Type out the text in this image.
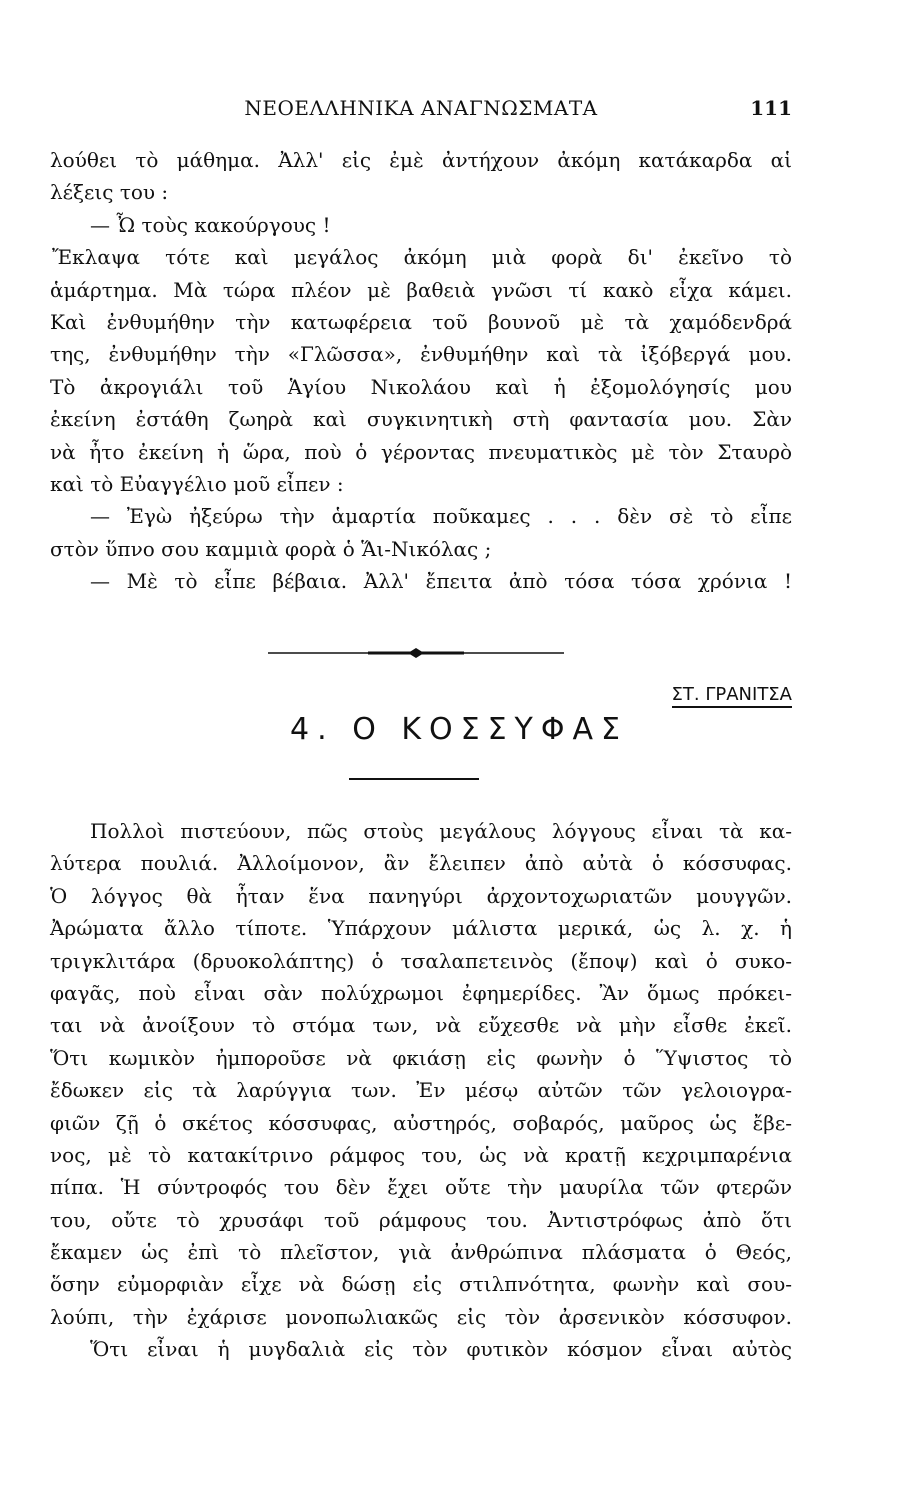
ΝΕΟΕΛΛΗΝΙΚΑ ΑΝΑΓΝΩΣΜΑΤΑ	111
λούθει τὸ μάθημα. Ἀλλ' εἰς ἐμὲ ἀντήχουν ἀκόμη κατάκαρδα αἱ
λέξεις του :
— Ὦ τοὺς κακούργους !
Ἔκλαψα τότε καὶ μεγάλος ἀκόμη μιὰ φορὰ δι' ἐκεῖνο τὸ
ἁμάρτημα. Μὰ τώρα πλέον μὲ βαθειὰ γνῶσι τί κακὸ εἶχα κάμει.
Καὶ ἐνθυμήθην τὴν κατωφέρεια τοῦ βουνοῦ μὲ τὰ χαμόδενδρά
της, ἐνθυμήθην τὴν «Γλῶσσα», ἐνθυμήθην καὶ τὰ ἰξόβεργά μου.
Τὸ ἀκρογιάλι τοῦ Ἁγίου Νικολάου καὶ ἡ ἐξομολόγησίς μου
ἐκείνη ἐστάθη ζωηρὰ καὶ συγκινητικὴ στὴ φαντασία μου. Σὰν
νὰ ἦτο ἐκείνη ἡ ὥρα, ποὺ ὁ γέροντας πνευματικὸς μὲ τὸν Σταυρὸ
καὶ τὸ Εὐαγγέλιο μοῦ εἶπεν :
— Ἐγὼ ἠξεύρω τὴν ἁμαρτία ποῦκαμες . . . δὲν σὲ τὸ εἶπε
στὸν ὕπνο σου καμμιὰ φορὰ ὁ Ἅι-Νικόλας ;
— Μὲ τὸ εἶπε βέβαια. Ἀλλ' ἔπειτα ἀπὸ τόσα τόσα χρόνια !
ΣΤ. ΓΡΑΝΙΤΣΑ
4. Ο ΚΟΣΣΥΦΑΣ
Πολλοὶ πιστεύουν, πῶς στοὺς μεγάλους λόγγους εἶναι τὰ κα-
λύτερα πουλιά. Ἀλλοίμονον, ἂν ἔλειπεν ἀπὸ αὐτὰ ὁ κόσσυφας.
Ὁ λόγγος θὰ ἦταν ἕνα πανηγύρι ἀρχοντοχωριατῶν μουγγῶν.
Ἀρώματα ἄλλο τίποτε. Ὑπάρχουν μάλιστα μερικά, ὡς λ. χ. ἡ
τριγκλιτάρα (δρυοκολάπτης) ὁ τσαλαπετεινὸς (ἔποψ) καὶ ὁ συκο-
φαγᾶς, ποὺ εἶναι σὰν πολύχρωμοι ἐφημερίδες. Ἂν ὅμως πρόκει-
ται νὰ ἀνοίξουν τὸ στόμα των, νὰ εὔχεσθε νὰ μὴν εἶσθε ἐκεῖ.
Ὅτι κωμικὸν ἠμποροῦσε νὰ φκιάσῃ εἰς φωνὴν ὁ Ὕψιστος τὸ
ἔδωκεν εἰς τὰ λαρύγγια των. Ἐν μέσῳ αὐτῶν τῶν γελοιογρα-
φιῶν ζῇ ὁ σκέτος κόσσυφας, αὐστηρός, σοβαρός, μαῦρος ὡς ἔβε-
νος, μὲ τὸ κατακίτρινο ράμφος του, ὡς νὰ κρατῇ κεχριμπαρένια
πίπα. Ἡ σύντροφός του δὲν ἔχει οὔτε τὴν μαυρίλα τῶν φτερῶν
του, οὔτε τὸ χρυσάφι τοῦ ράμφους του. Ἀντιστρόφως ἀπὸ ὅτι
ἔκαμεν ὡς ἐπὶ τὸ πλεῖστον, γιὰ ἀνθρώπινα πλάσματα ὁ Θεός,
ὅσην εὐμορφιὰν εἶχε νὰ δώσῃ εἰς στιλπνότητα, φωνὴν καὶ σου-
λούπι, τὴν ἐχάρισε μονοπωλιακῶς εἰς τὸν ἀρσενικὸν κόσσυφον.
Ὅτι εἶναι ἡ μυγδαλιὰ εἰς τὸν φυτικὸν κόσμον εἶναι αὐτὸς
